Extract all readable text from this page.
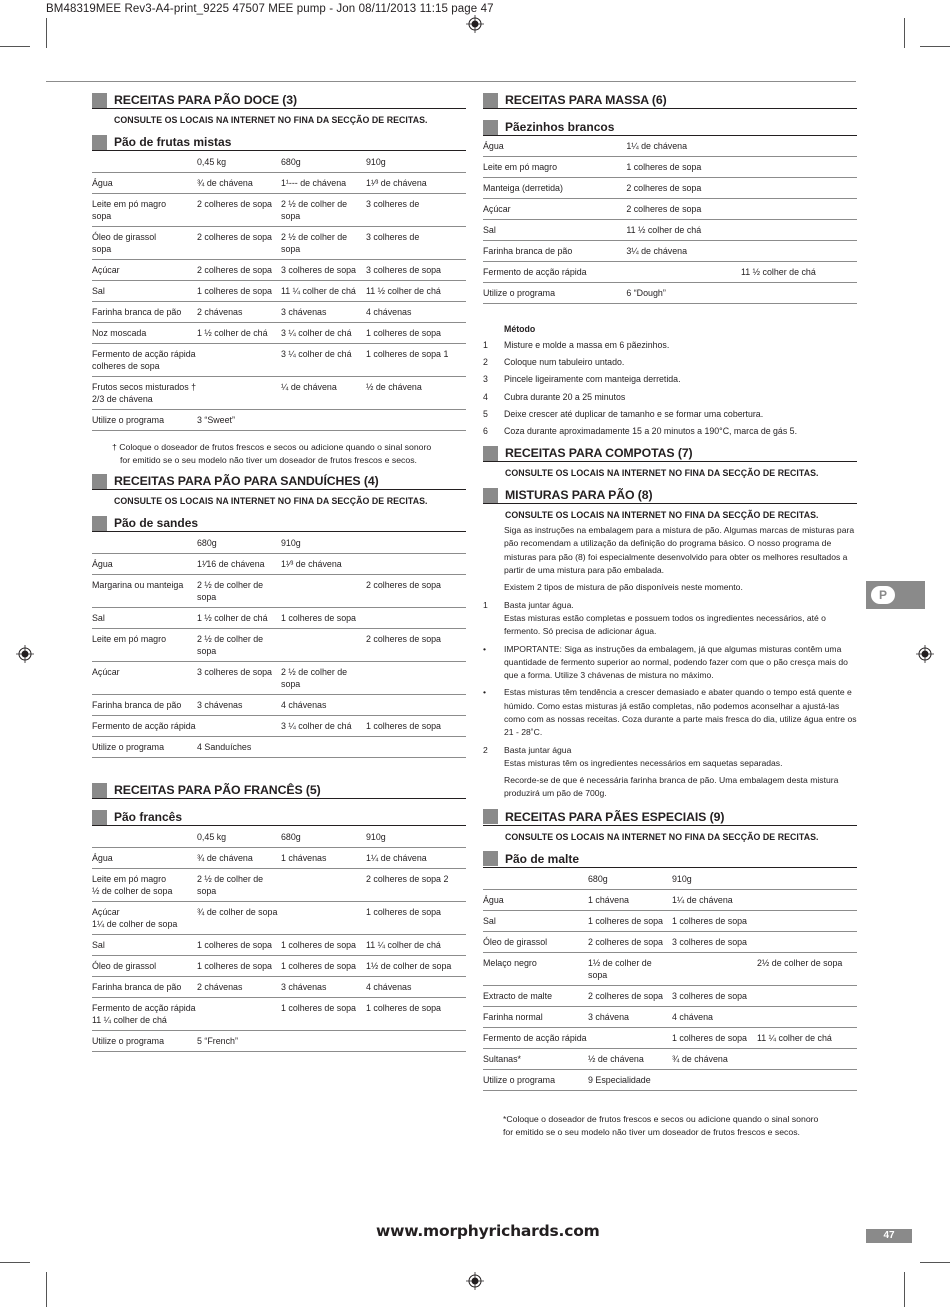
BM48319MEE Rev3-A4-print_9225 47507 MEE pump - Jon 08/11/2013 11:15 page 47
RECEITAS PARA PÃO DOCE (3)
CONSULTE OS LOCAIS NA INTERNET NO FINA DA SECÇÃO DE RECITAS.
Pão de frutas mistas
	0,45 kg	680g	910g
Água	¾ de chávena	1¹--- de chávena	1¹⁄³ de chávena
Leite em pó magro
sopa	2 colheres de sopa	2 ½ de colher de sopa	3 colheres de
Óleo de girassol
sopa	2 colheres de sopa	2 ½ de colher de sopa	3 colheres de
Açúcar	2 colheres de sopa	3 colheres de sopa	3 colheres de sopa
Sal	1 colheres de sopa	11 ¼ colher de chá	11 ½ colher de chá
Farinha branca de pão	2 chávenas	3 chávenas	4 chávenas
Noz moscada	1 ½ colher de chá	3 ¼ colher de chá	1 colheres de sopa
Fermento de acção rápida
colheres de sopa		3 ¼ colher de chá	1 colheres de sopa 1
Frutos secos misturados †
2/3 de chávena		¼ de chávena	½ de chávena
Utilize o programa	3 “Sweet”		
† Coloque o doseador de frutos frescos e secos ou adicione quando o sinal sonoro
for emitido se o seu modelo não tiver um doseador de frutos frescos e secos.
RECEITAS PARA PÃO PARA SANDUÍCHES (4)
CONSULTE OS LOCAIS NA INTERNET NO FINA DA SECÇÃO DE RECITAS.
Pão de sandes
	680g	910g	
Água	1¹⁄16 de chávena	1¹⁄³ de chávena	
Margarina ou manteiga	2 ½ de colher de sopa		2 colheres de sopa
Sal	1 ½ colher de chá	1 colheres de sopa	
Leite em pó magro	2 ½ de colher de sopa		2 colheres de sopa
Açúcar	3 colheres de sopa	2 ½ de colher de sopa	
Farinha branca de pão	3 chávenas	4 chávenas	
Fermento de acção rápida		3 ¼ colher de chá	1 colheres de sopa
Utilize o programa	4 Sanduíches		
RECEITAS PARA PÃO FRANCÊS (5)
Pão francês
	0,45 kg	680g	910g
Água	¾ de chávena	1 chávenas	1¼ de chávena
Leite em pó magro
½ de colher de sopa	2 ½ de colher de sopa		2 colheres de sopa 2
Açúcar
1¼ de colher de sopa	¾ de colher de sopa		1 colheres de sopa
Sal	1 colheres de sopa	1 colheres de sopa	11 ¼ colher de chá
Óleo de girassol	1 colheres de sopa	1 colheres de sopa	1½ de colher de sopa
Farinha branca de pão	2 chávenas	3 chávenas	4 chávenas
Fermento de acção rápida
11 ¼ colher de chá		1 colheres de sopa	1 colheres de sopa
Utilize o programa	5 “French”		
RECEITAS PARA MASSA (6)
Pãezinhos brancos
Água	1¼ de chávena	
Leite em pó magro	1 colheres de sopa	
Manteiga (derretida)	2 colheres de sopa	
Açúcar	2 colheres de sopa	
Sal	11 ½ colher de chá	
Farinha branca de pão	3¼ de chávena	
Fermento de acção rápida		11 ½ colher de chá
Utilize o programa	6 “Dough”	
Método
1	Misture e molde a massa em 6 pãezinhos.
2	Coloque num tabuleiro untado.
3	Pincele ligeiramente com manteiga derretida.
4	Cubra durante 20 a 25 minutos
5	Deixe crescer até duplicar de tamanho e se formar uma cobertura.
6	Coza durante aproximadamente 15 a 20 minutos a 190°C, marca de gás 5.
RECEITAS PARA COMPOTAS (7)
CONSULTE OS LOCAIS NA INTERNET NO FINA DA SECÇÃO DE RECITAS.
MISTURAS PARA PÃO (8)
CONSULTE OS LOCAIS NA INTERNET NO FINA DA SECÇÃO DE RECITAS.
Siga as instruções na embalagem para a mistura de pão. Algumas marcas de misturas para pão recomendam a utilização da definição do programa básico. O nosso programa de misturas para pão (8) foi especialmente desenvolvido para obter os melhores resultados a partir de uma mistura para pão embalada.
Existem 2 tipos de mistura de pão disponíveis neste momento.
1	Basta juntar água.
Estas misturas estão completas e possuem todos os ingredientes necessários, até o fermento. Só precisa de adicionar água.
•	IMPORTANTE: Siga as instruções da embalagem, já que algumas misturas contêm uma quantidade de fermento superior ao normal, podendo fazer com que o pão cresça mais do que a forma. Utilize 3 chávenas de mistura no máximo.
•	Estas misturas têm tendência a crescer demasiado e abater quando o tempo está quente e húmido. Como estas misturas já estão completas, não podemos aconselhar a ajustá-las como com as nossas receitas. Coza durante a parte mais fresca do dia, utilize água entre os 21 - 28˚C.
2	Basta juntar água
Estas misturas têm os ingredientes necessários em saquetas separadas.
Recorde-se de que é necessária farinha branca de pão. Uma embalagem desta mistura produzirá um pão de 700g.
RECEITAS PARA PÃES ESPECIAIS (9)
CONSULTE OS LOCAIS NA INTERNET NO FINA DA SECÇÃO DE RECITAS.
Pão de malte
	680g	910g	
Água	1 chávena	1¼ de chávena	
Sal	1 colheres de sopa	1 colheres de sopa	
Óleo de girassol	2 colheres de sopa	3 colheres de sopa	
Melaço negro	1½ de colher de sopa		2½ de colher de sopa
Extracto de malte	2 colheres de sopa	3 colheres de sopa	
Farinha normal	3 chávena	4 chávena	
Fermento de acção rápida		1 colheres de sopa	11 ¼ colher de chá
Sultanas*	½ de chávena	¾ de chávena	
Utilize o programa	9 Especialidade		
*Coloque o doseador de frutos frescos e secos ou adicione quando o sinal sonoro
for emitido se o seu modelo não tiver um doseador de frutos frescos e secos.
P
www.morphyrichards.com	47
